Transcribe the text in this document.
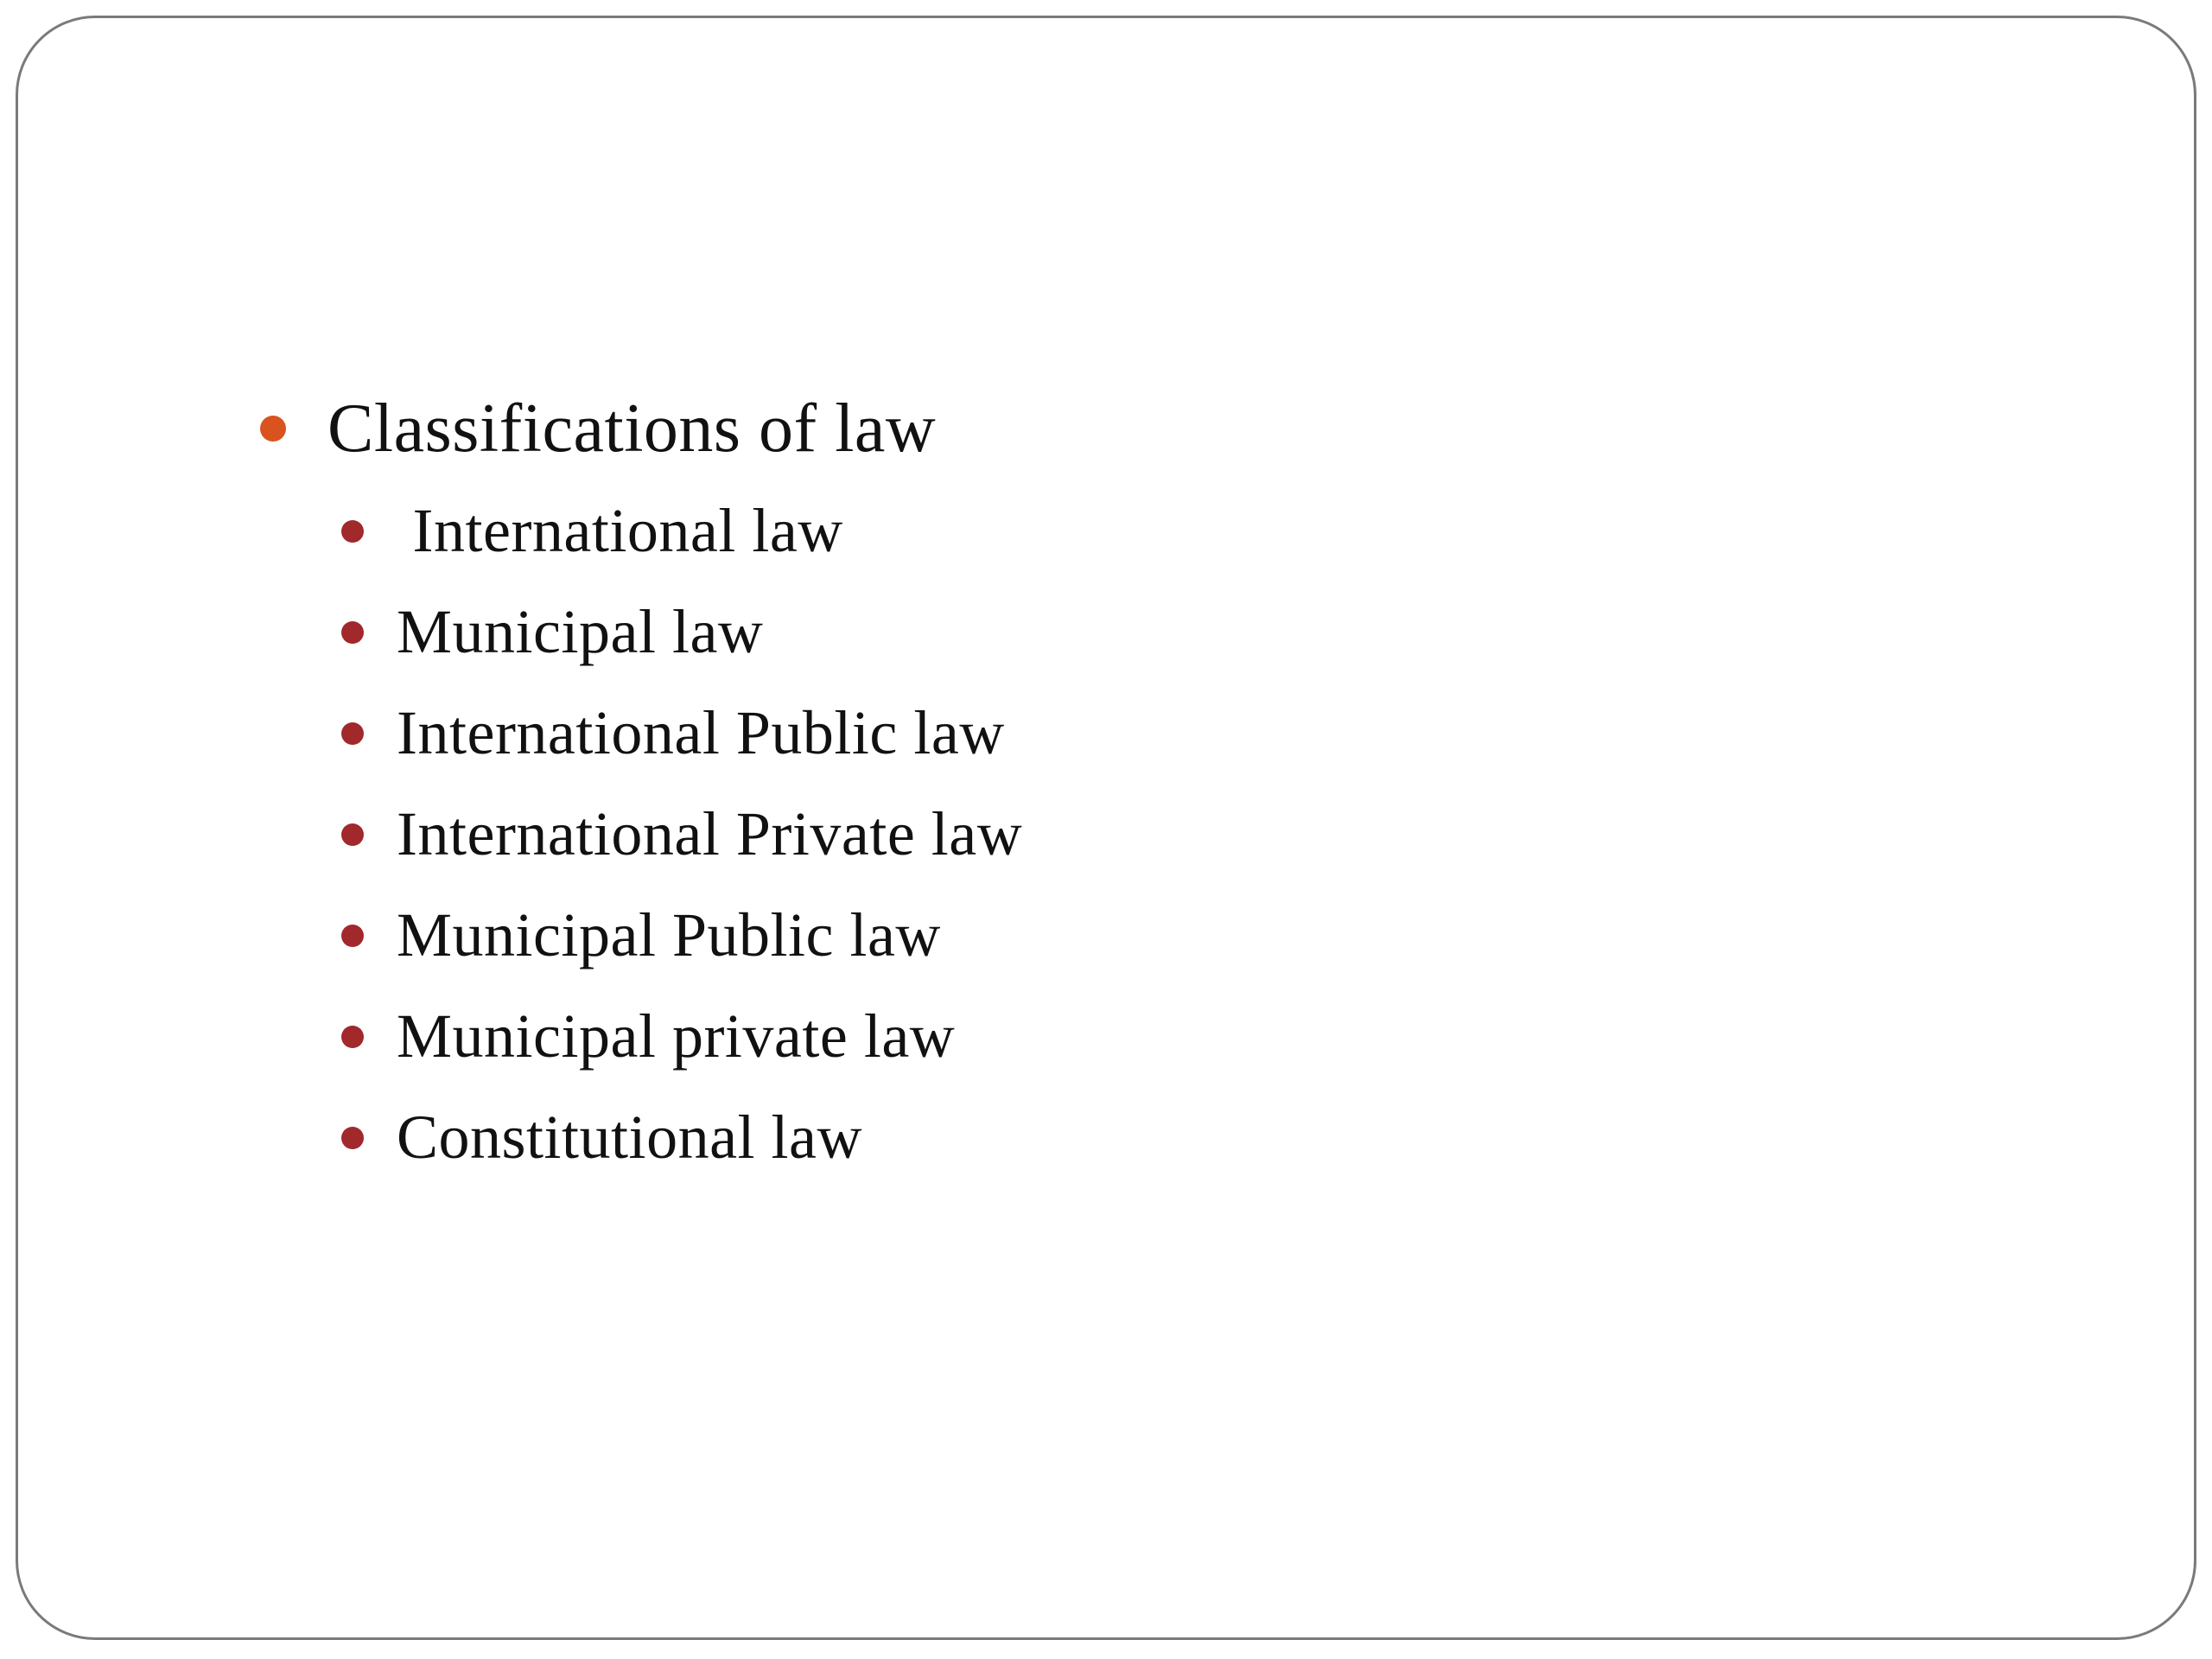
Classifications of law
International law
Municipal law
International Public law
International Private law
Municipal Public law
Municipal private law
Constitutional law
